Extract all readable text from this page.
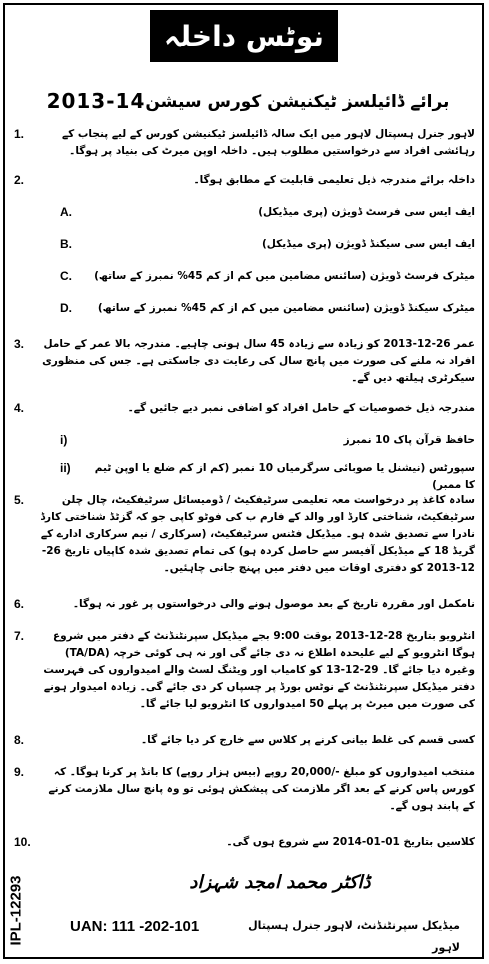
نوٹس داخلہ
برائے ڈائیلسز ٹیکنیشن کورس سیشن
2013-14
1.	لاہور جنرل ہسپتال لاہور میں ایک سالہ ڈائیلسز ٹیکنیشن کورس کے لیے پنجاب کے رہائشی افراد سے درخواستیں مطلوب ہیں۔ داخلہ اوپن میرٹ کی بنیاد پر ہوگا۔
2.	داخلہ برائے مندرجہ ذیل تعلیمی قابلیت کے مطابق ہوگا۔
A.	ایف ایس سی فرسٹ ڈویژن (پری میڈیکل)
B.	ایف ایس سی سیکنڈ ڈویژن (پری میڈیکل)
C.	میٹرک فرسٹ ڈویژن (سائنس مضامین میں کم از کم 45% نمبرز کے ساتھ)
D.	میٹرک سیکنڈ ڈویژن (سائنس مضامین میں کم از کم 45% نمبرز کے ساتھ)
3.	عمر 26-12-2013 کو زیادہ سے زیادہ 45 سال ہونی چاہیے۔ مندرجہ بالا عمر کے حامل افراد نہ ملنے کی صورت میں پانچ سال کی رعایت دی جاسکتی ہے۔ جس کی منظوری سیکرٹری ہیلتھ دیں گے۔
4.	مندرجہ ذیل خصوصیات کے حامل افراد کو اضافی نمبر دیے جائیں گے۔
i)	حافظ قرآن پاک 10 نمبرز
ii)	سپورٹس (نیشنل یا صوبائی سرگرمیاں 10 نمبر (کم از کم ضلع یا اوپن ٹیم کا ممبر)
5.	سادہ کاغذ پر درخواست معہ تعلیمی سرٹیفکیٹ / ڈومیسائل سرٹیفکیٹ، چال چلن سرٹیفکیٹ، شناختی کارڈ اور والد کے فارم ب کی فوٹو کاپی جو کہ گزٹڈ شناختی کارڈ نادرا سے تصدیق شدہ ہو۔ میڈیکل فٹنس سرٹیفکیٹ، (سرکاری / نیم سرکاری ادارے کے گریڈ 18 کے میڈیکل آفیسر سے حاصل کردہ ہو) کی تمام تصدیق شدہ کاپیاں تاریخ 26-12-2013 کو دفتری اوقات میں دفتر میں پہنچ جانی چاہئیں۔
6.	نامکمل اور مقررہ تاریخ کے بعد موصول ہونے والی درخواستوں پر غور نہ ہوگا۔
7.	انٹرویو بتاریخ 28-12-2013 بوقت 9:00 بجے میڈیکل سپرنٹنڈنٹ کے دفتر میں شروع ہوگا انٹرویو کے لیے علیحدہ اطلاع نہ دی جائے گی اور نہ ہی کوئی خرچہ (TA/DA) وغیرہ دیا جائے گا۔ 29-12-13 کو کامیاب اور ویٹنگ لسٹ والے امیدواروں کی فہرست دفتر میڈیکل سپرنٹنڈنٹ کے نوٹس بورڈ پر چسپاں کر دی جائے گی۔ زیادہ امیدوار ہونے کی صورت میں میرٹ پر پہلے 50 امیدواروں کا انٹرویو لیا جائے گا۔
8.	کسی قسم کی غلط بیانی کرنے پر کلاس سے خارج کر دیا جائے گا۔
9.	منتخب امیدواروں کو مبلغ -/20,000 روپے (بیس ہزار روپے) کا بانڈ پر کرنا ہوگا۔ کہ کورس پاس کرنے کے بعد اگر ملازمت کی پیشکش ہوئی تو وہ پانچ سال ملازمت کرنے کے پابند ہوں گے۔
10.	کلاسیں بتاریخ 01-01-2014 سے شروع ہوں گی۔
IPL-12293	ڈاکٹر محمد امجد شہزاد
UAN: 111 -202-101	میڈیکل سپرنٹنڈنٹ، لاہور جنرل ہسپتال لاہور
